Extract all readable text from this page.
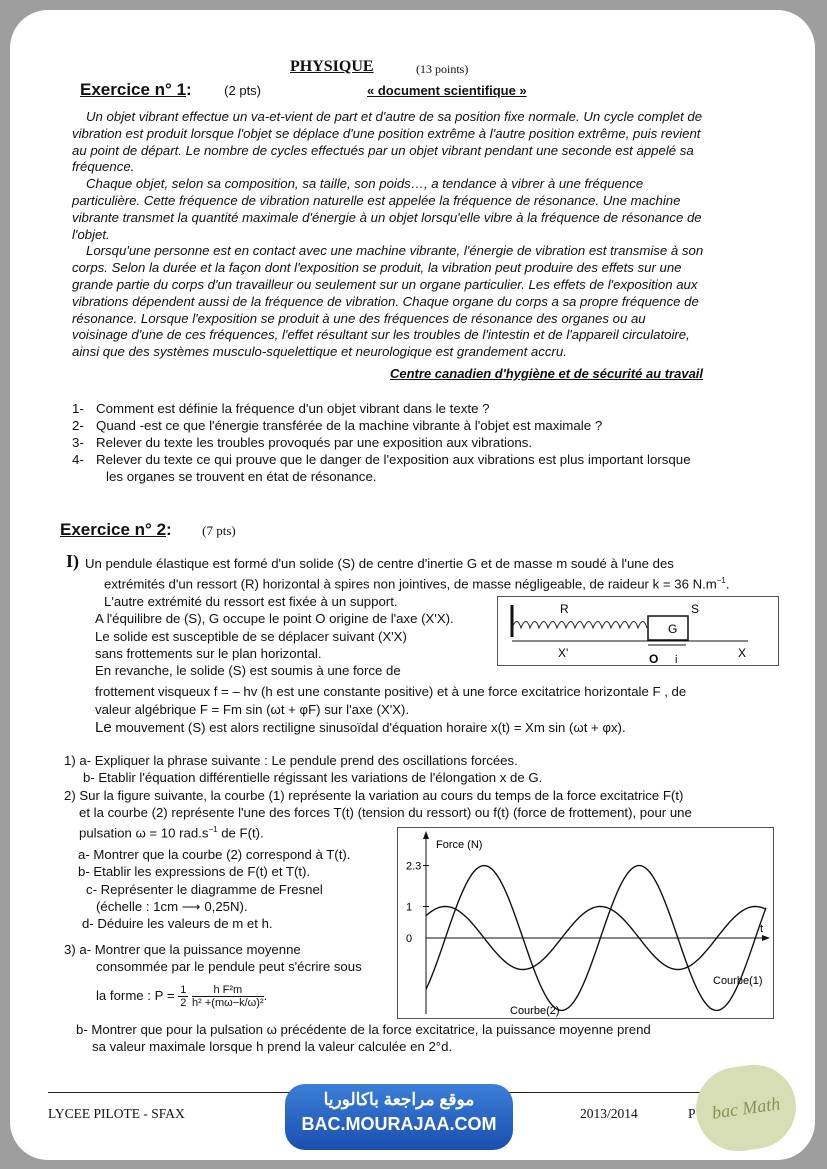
PHYSIQUE	(13 points)
Exercice n° 1: (2 pts)	« document scientifique »

Un objet vibrant effectue un va-et-vient de part et d'autre de sa position fixe normale. Un cycle complet de

vibration est produit lorsque l'objet se déplace d'une position extrême à l'autre position extrême, puis revient

au point de départ. Le nombre de cycles effectués par un objet vibrant pendant une seconde est appelé sa

fréquence.

Chaque objet, selon sa composition, sa taille, son poids…, a tendance à vibrer à une fréquence

particulière. Cette fréquence de vibration naturelle est appelée la fréquence de résonance. Une machine

vibrante transmet la quantité maximale d'énergie à un objet lorsqu'elle vibre à la fréquence de résonance de

l'objet.

Lorsqu'une personne est en contact avec une machine vibrante, l'énergie de vibration est transmise à son

corps. Selon la durée et la façon dont l'exposition se produit, la vibration peut produire des effets sur une

grande partie du corps d'un travailleur ou seulement sur un organe particulier. Les effets de l'exposition aux

vibrations dépendent aussi de la fréquence de vibration. Chaque organe du corps a sa propre fréquence de

résonance. Lorsque l'exposition se produit à une des fréquences de résonance des organes ou au

voisinage d'une de ces fréquences, l'effet résultant sur les troubles de l'intestin et de l'appareil circulatoire,

ainsi que des systèmes musculo-squelettique et neurologique est grandement accru.

Centre canadien d'hygiène et de sécurité au travail
1- Comment est définie la fréquence d'un objet vibrant dans le texte ?
2- Quand -est ce que l'énergie transférée de la machine vibrante à l'objet est maximale ?
3- Relever du texte les troubles provoqués par une exposition aux vibrations.
4- Relever du texte ce qui prouve que le danger de l'exposition aux vibrations est plus important lorsque
les organes se trouvent en état de résonance.
Exercice n° 2: (7 pts)
I) Un pendule élastique est formé d'un solide (S) de centre d'inertie G et de masse m soudé à l'une des
extrémités d'un ressort (R) horizontal à spires non jointives, de masse négligeable, de raideur k = 36 $N.m^{-1}$.
L'autre extrémité du ressort est fixée à un support.
A l'équilibre de (S), G occupe le point O origine de l'axe (X'X).
Le solide est susceptible de se déplacer suivant (X'X)
sans frottements sur le plan horizontal.
En revanche, le solide (S) est soumis à une force de
frottement visqueux f = – hv (h est une constante positive) et à une force excitatrice horizontale F , de
valeur algébrique F = Fm sin (ωt + φF) sur l'axe (X'X).
Le mouvement (S) est alors rectiligne sinusoïdal d'équation horaire x(t) = Xm sin (ωt + φx).
R	S
G
X'	X
O i
1) a- Expliquer la phrase suivante : Le pendule prend des oscillations forcées.
b- Etablir l'équation différentielle régissant les variations de l'élongation x de G.
2) Sur la figure suivante, la courbe (1) représente la variation au cours du temps de la force excitatrice F(t)
et la courbe (2) représente l'une des forces T(t) (tension du ressort) ou f(t) (force de frottement), pour une
pulsation ω = 10 $rad.s^{-1}$ de F(t).
a- Montrer que la courbe (2) correspond à T(t).
b- Etablir les expressions de F(t) et T(t).
c- Représenter le diagramme de Fresnel
(échelle : 1cm ⟶ 0,25N).
d- Déduire les valeurs de m et h.
3) a- Montrer que la puissance moyenne
consommée par le pendule peut s'écrire sous
la forme : $P = \frac{1}{2}$
$\frac{\text{h F²m}}{\text{h² +(mω−k/ω)²}}$ .
b- Montrer que pour la pulsation ω précédente de la force excitatrice, la puissance moyenne prend
sa valeur maximale lorsque h prend la valeur calculée en 2°d.
Force (N)
t
2.3
1
0
Courbe(1)
Courbe(2)
LYCEE PILOTE - SFAX	2013/2014	P
موقع مراجعة باكالوريا
BAC.MOURAJAA.COM
bac Math
